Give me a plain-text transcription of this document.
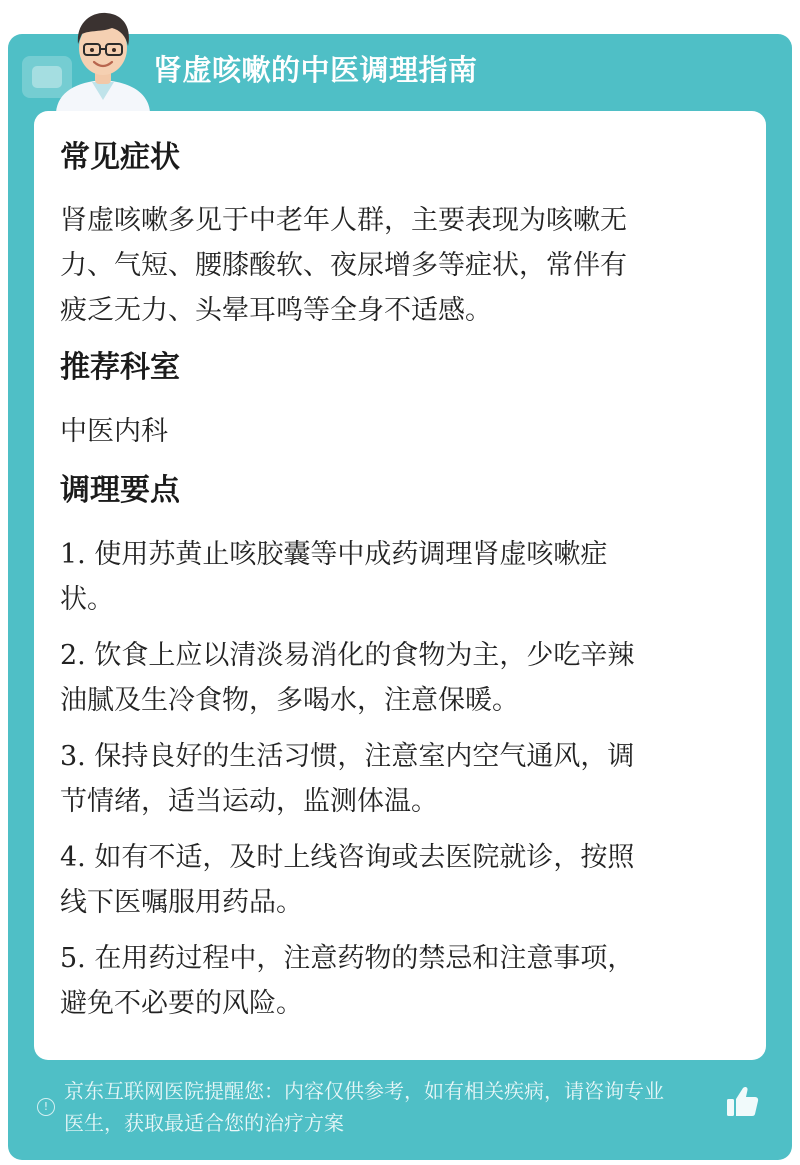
肾虚咳嗽的中医调理指南
常见症状
肾虚咳嗽多见于中老年人群，主要表现为咳嗽无
力、气短、腰膝酸软、夜尿增多等症状，常伴有
疲乏无力、头晕耳鸣等全身不适感。
推荐科室
中医内科
调理要点
1. 使用苏黄止咳胶囊等中成药调理肾虚咳嗽症
状。
2. 饮食上应以清淡易消化的食物为主，少吃辛辣
油腻及生冷食物，多喝水，注意保暖。
3. 保持良好的生活习惯，注意室内空气通风，调
节情绪，适当运动，监测体温。
4. 如有不适，及时上线咨询或去医院就诊，按照
线下医嘱服用药品。
5. 在用药过程中，注意药物的禁忌和注意事项，
避免不必要的风险。
!
京东互联网医院提醒您：内容仅供参考，如有相关疾病，请咨询专业
医生，获取最适合您的治疗方案
